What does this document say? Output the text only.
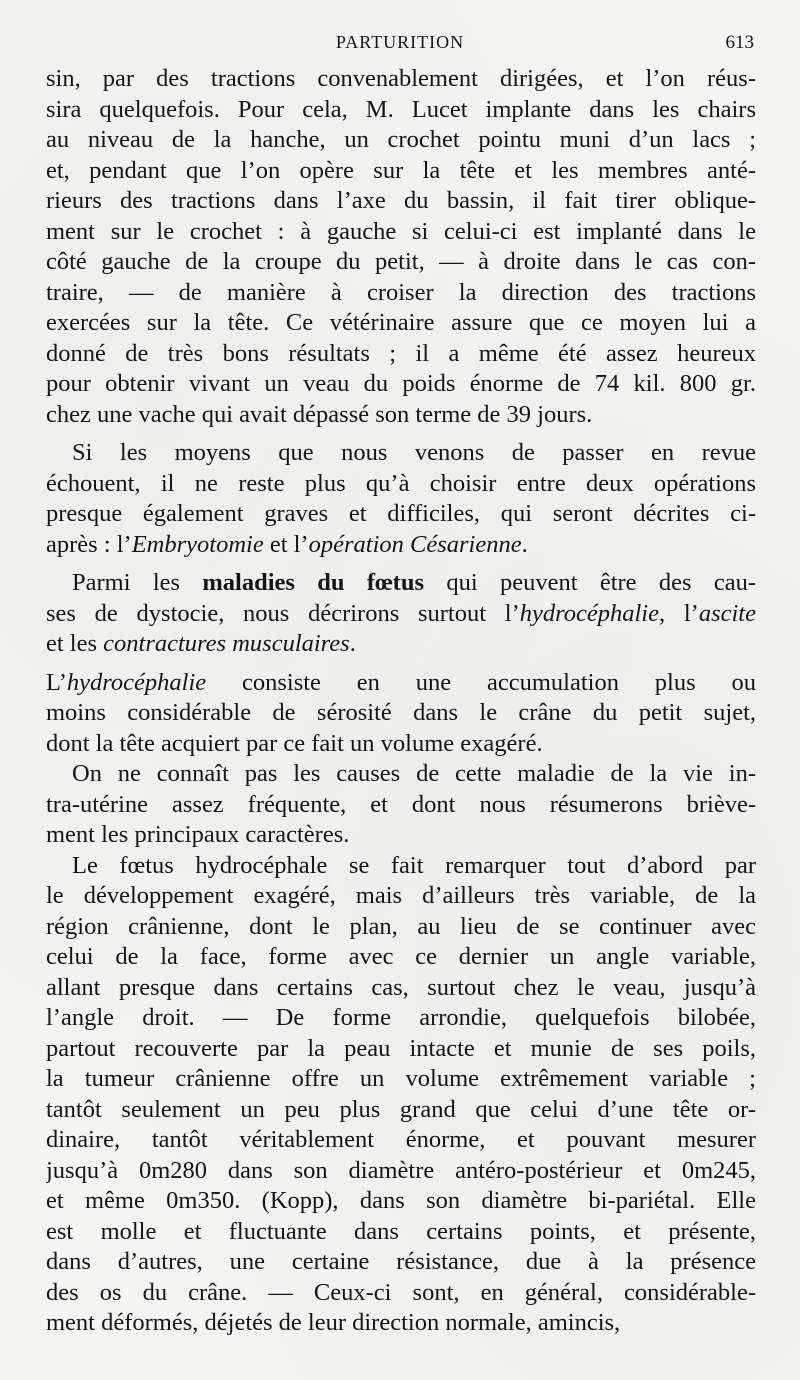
PARTURITION	613
sin, par des tractions convenablement dirigées, et l’on réus-
sira quelquefois. Pour cela, M. Lucet implante dans les chairs
au niveau de la hanche, un crochet pointu muni d’un lacs ;
et, pendant que l’on opère sur la tête et les membres anté-
rieurs des tractions dans l’axe du bassin, il fait tirer oblique-
ment sur le crochet : à gauche si celui-ci est implanté dans le
côté gauche de la croupe du petit, — à droite dans le cas con-
traire, — de manière à croiser la direction des tractions
exercées sur la tête. Ce vétérinaire assure que ce moyen lui a
donné de très bons résultats ; il a même été assez heureux
pour obtenir vivant un veau du poids énorme de 74 kil. 800 gr.
chez une vache qui avait dépassé son terme de 39 jours.
Si les moyens que nous venons de passer en revue
échouent, il ne reste plus qu’à choisir entre deux opérations
presque également graves et difficiles, qui seront décrites ci-
après : l’Embryotomie et l’opération Césarienne.
Parmi les maladies du fœtus qui peuvent être des cau-
ses de dystocie, nous décrirons surtout l’hydrocéphalie, l’ascite
et les contractures musculaires.
L’hydrocéphalie consiste en une accumulation plus ou
moins considérable de sérosité dans le crâne du petit sujet,
dont la tête acquiert par ce fait un volume exagéré.
On ne connaît pas les causes de cette maladie de la vie in-
tra-utérine assez fréquente, et dont nous résumerons briève-
ment les principaux caractères.
Le fœtus hydrocéphale se fait remarquer tout d’abord par
le développement exagéré, mais d’ailleurs très variable, de la
région crânienne, dont le plan, au lieu de se continuer avec
celui de la face, forme avec ce dernier un angle variable,
allant presque dans certains cas, surtout chez le veau, jusqu’à
l’angle droit. — De forme arrondie, quelquefois bilobée,
partout recouverte par la peau intacte et munie de ses poils,
la tumeur crânienne offre un volume extrêmement variable ;
tantôt seulement un peu plus grand que celui d’une tête or-
dinaire, tantôt véritablement énorme, et pouvant mesurer
jusqu’à 0m280 dans son diamètre antéro-postérieur et 0m245,
et même 0m350. (Kopp), dans son diamètre bi-pariétal. Elle
est molle et fluctuante dans certains points, et présente,
dans d’autres, une certaine résistance, due à la présence
des os du crâne. — Ceux-ci sont, en général, considérable-
ment déformés, déjetés de leur direction normale, amincis,
